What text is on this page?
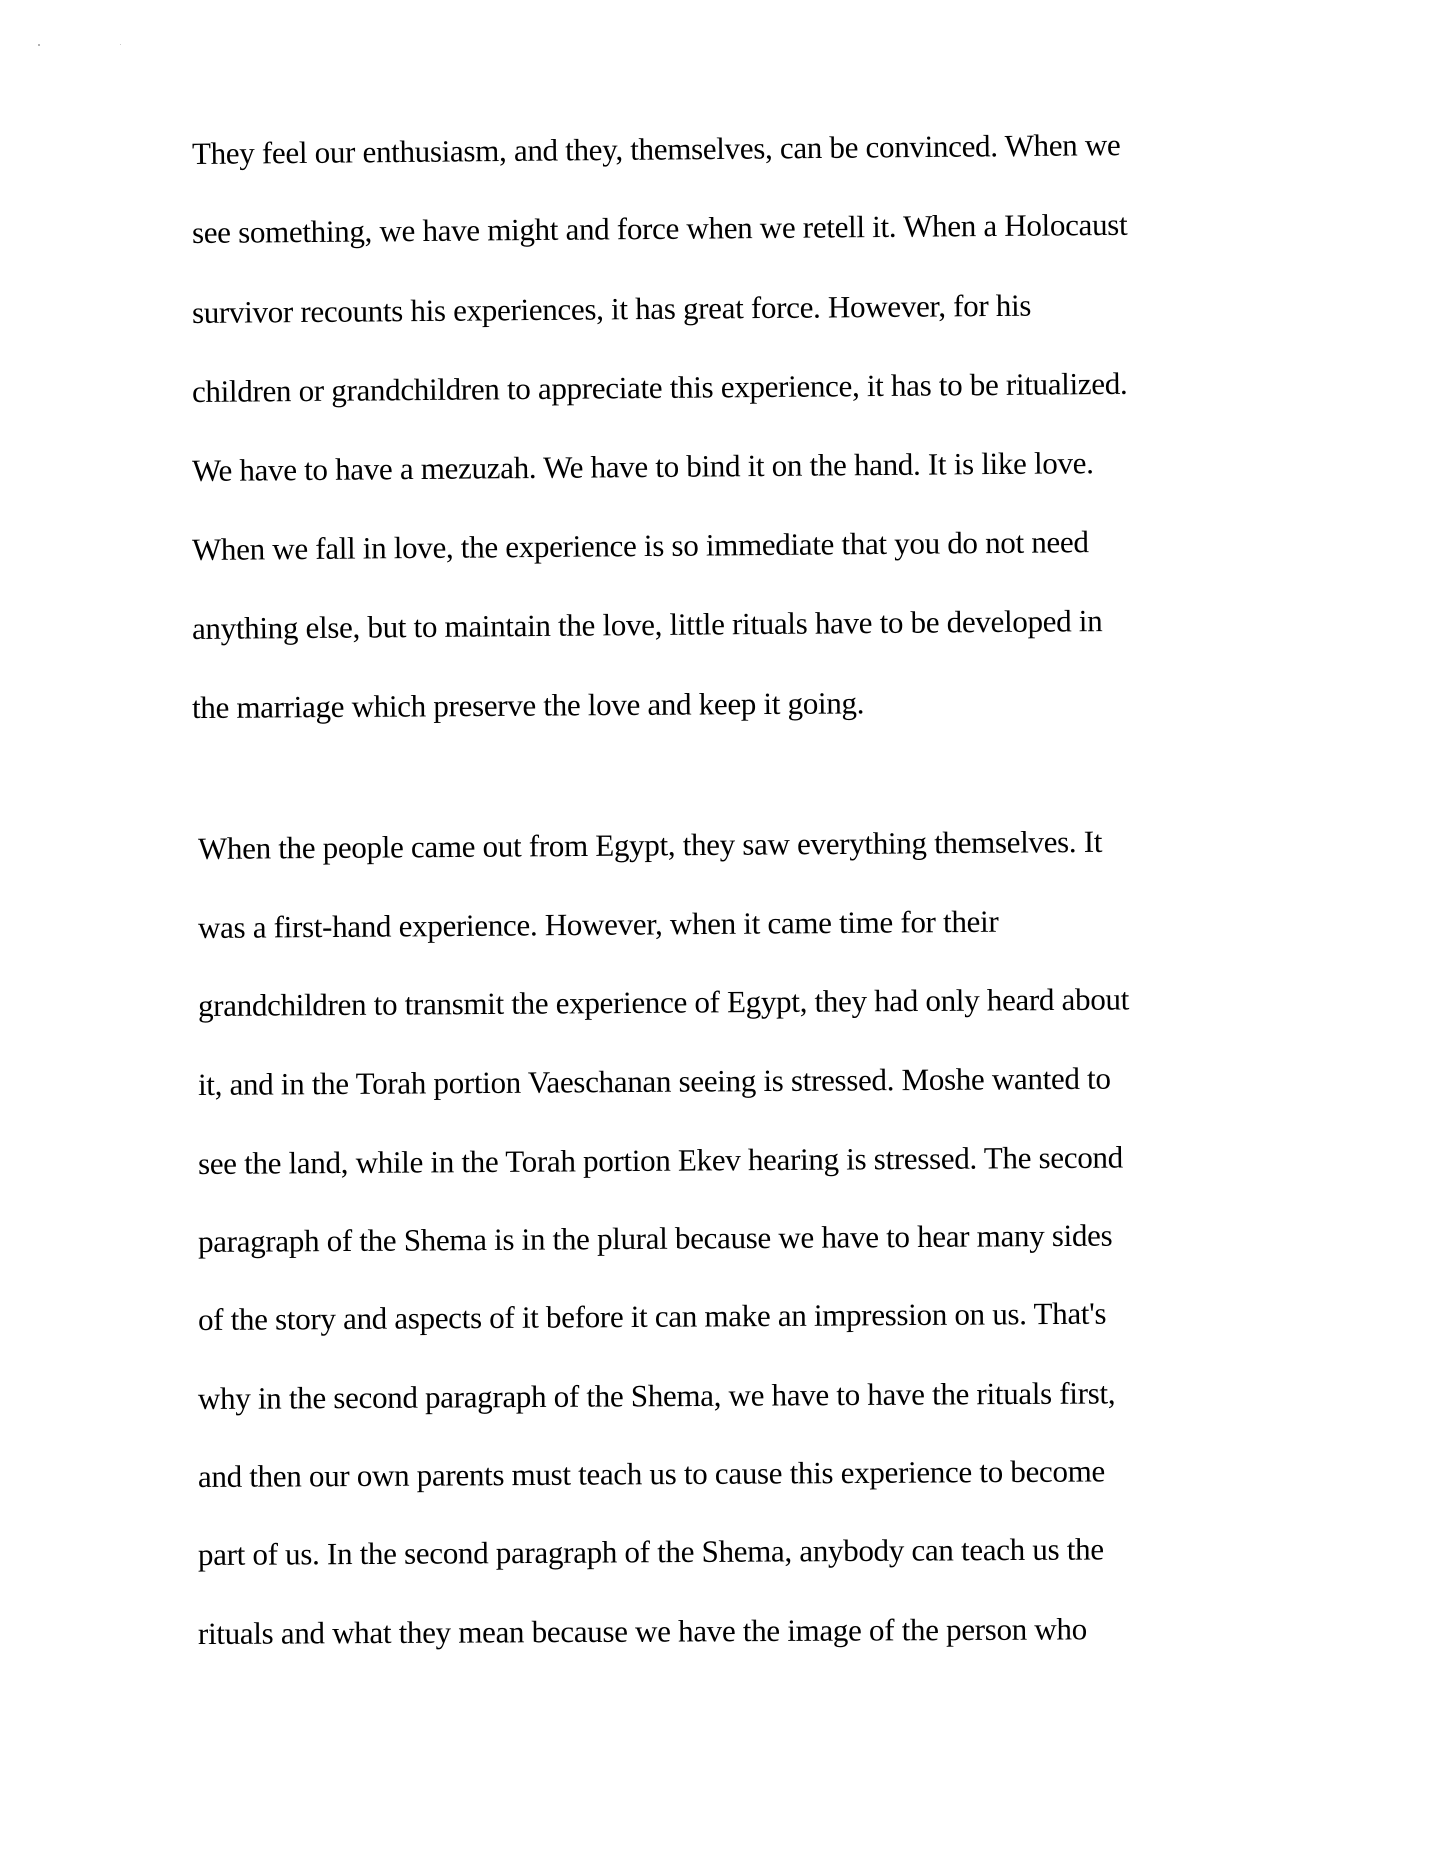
They feel our enthusiasm, and they, themselves, can be convinced. When we
see something, we have might and force when we retell it. When a Holocaust
survivor recounts his experiences, it has great force. However, for his
children or grandchildren to appreciate this experience, it has to be ritualized.
We have to have a mezuzah. We have to bind it on the hand. It is like love.
When we fall in love, the experience is so immediate that you do not need
anything else, but to maintain the love, little rituals have to be developed in
the marriage which preserve the love and keep it going.
When the people came out from Egypt, they saw everything themselves. It
was a first-hand experience. However, when it came time for their
grandchildren to transmit the experience of Egypt, they had only heard about
it, and in the Torah portion Vaeschanan seeing is stressed. Moshe wanted to
see the land, while in the Torah portion Ekev hearing is stressed. The second
paragraph of the Shema is in the plural because we have to hear many sides
of the story and aspects of it before it can make an impression on us. That's
why in the second paragraph of the Shema, we have to have the rituals first,
and then our own parents must teach us to cause this experience to become
part of us. In the second paragraph of the Shema, anybody can teach us the
rituals and what they mean because we have the image of the person who
